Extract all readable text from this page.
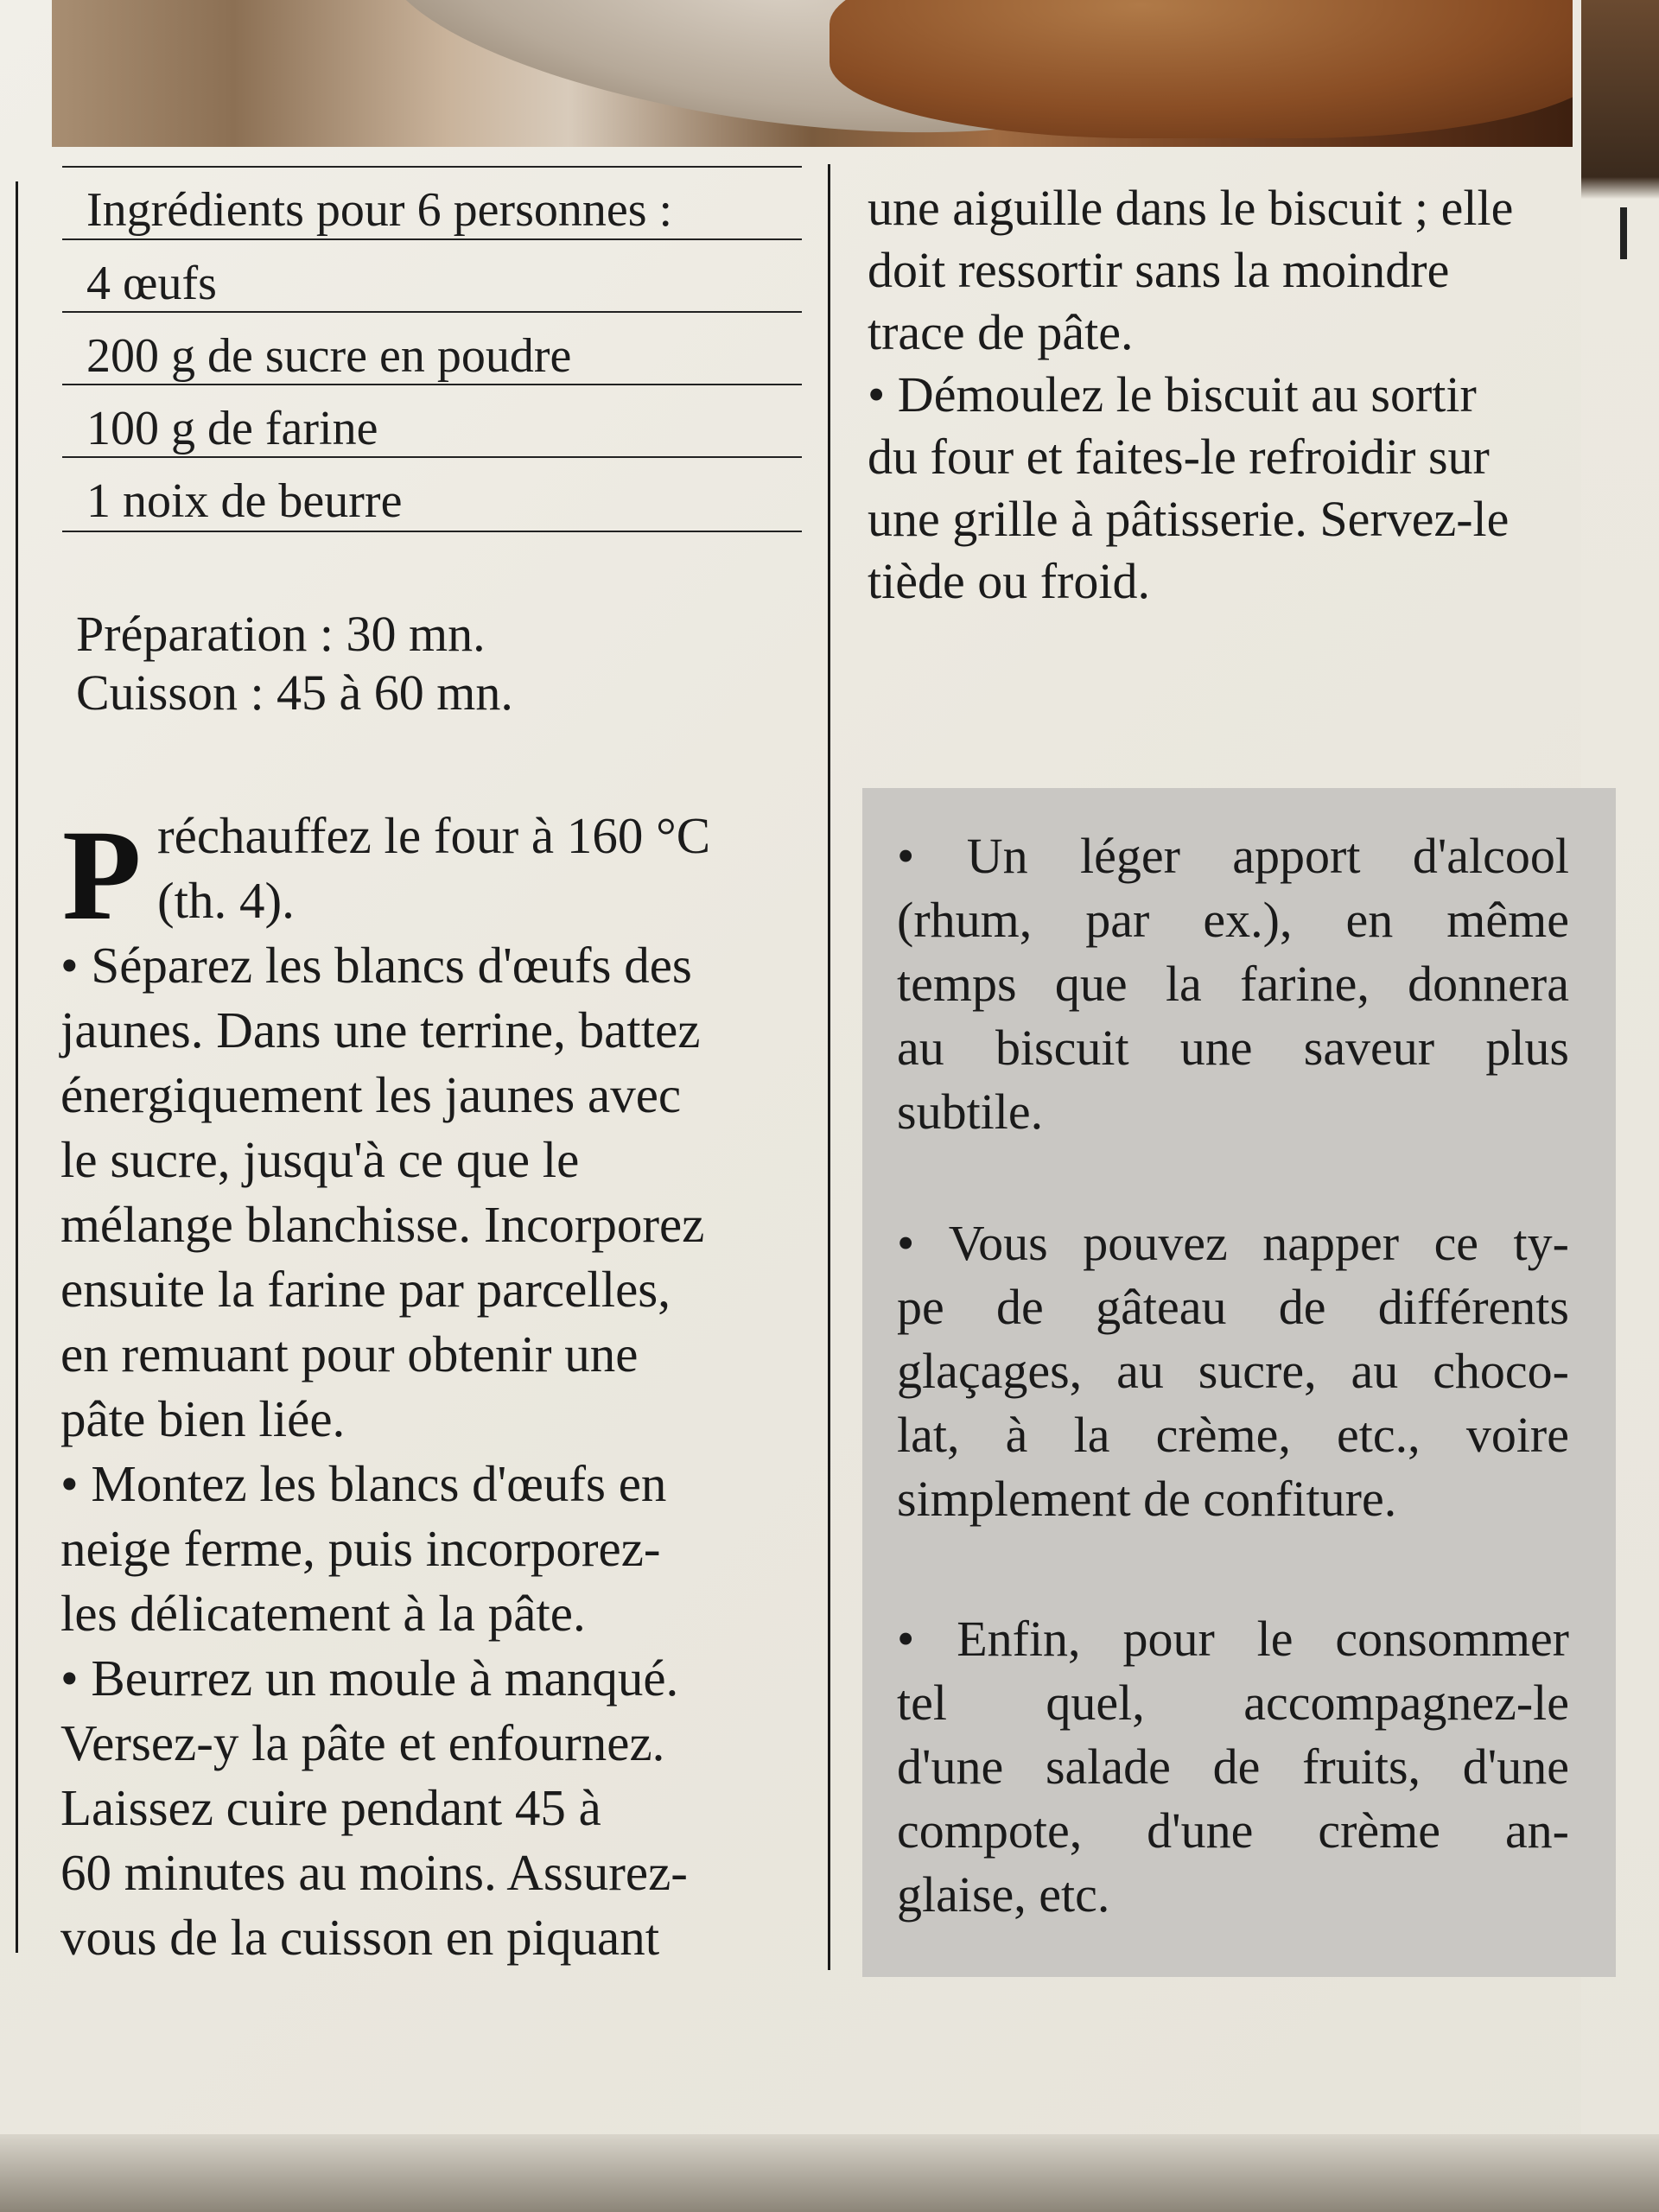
Ingrédients pour 6 personnes :
4 œufs
200 g de sucre en poudre
100 g de farine
1 noix de beurre
Préparation : 30 mn.
Cuisson : 45 à 60 mn.
P réchauffez le four à 160 °C
(th. 4).
• Séparez les blancs d'œufs des
jaunes. Dans une terrine, battez
énergiquement les jaunes avec
le sucre, jusqu'à ce que le
mélange blanchisse. Incorporez
ensuite la farine par parcelles,
en remuant pour obtenir une
pâte bien liée.
• Montez les blancs d'œufs en
neige ferme, puis incorporez-
les délicatement à la pâte.
• Beurrez un moule à manqué.
Versez-y la pâte et enfournez.
Laissez cuire pendant 45 à
60 minutes au moins. Assurez-
vous de la cuisson en piquant
une aiguille dans le biscuit ; elle
doit ressortir sans la moindre
trace de pâte.
• Démoulez le biscuit au sortir
du four et faites-le refroidir sur
une grille à pâtisserie. Servez-le
tiède ou froid.
• Un léger apport d'alcool
(rhum, par ex.), en même
temps que la farine, donnera
au biscuit une saveur plus
subtile.
• Vous pouvez napper ce ty-
pe de gâteau de différents
glaçages, au sucre, au choco-
lat, à la crème, etc., voire
simplement de confiture.
• Enfin, pour le consommer
tel quel, accompagnez-le
d'une salade de fruits, d'une
compote, d'une crème an-
glaise, etc.
